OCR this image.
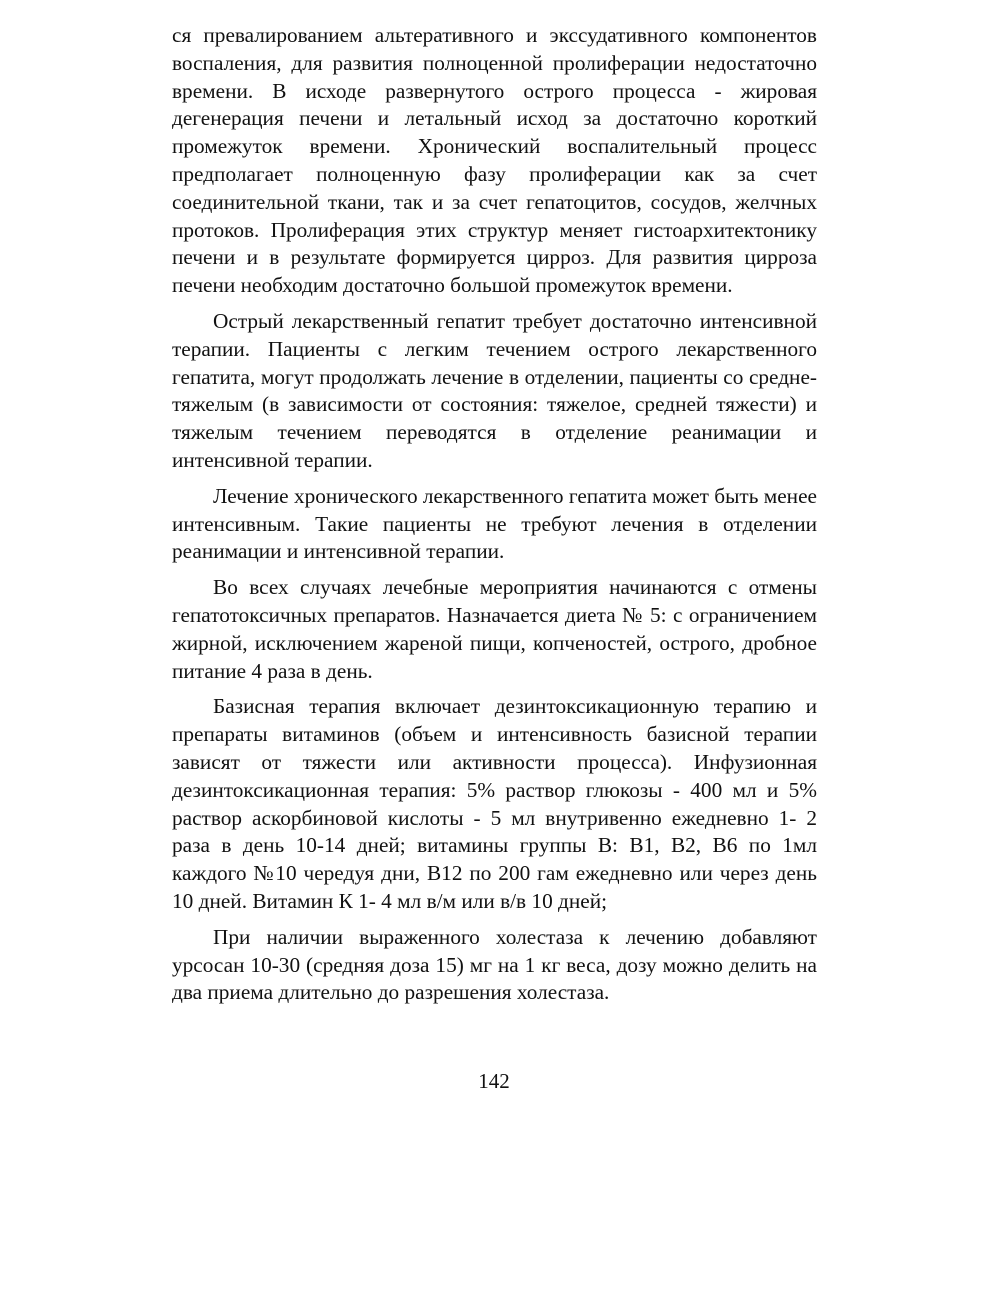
ся превалированием альтеративного и экссудативного компонентов воспаления, для развития полноценной пролиферации недостаточно времени. В исходе развернутого острого процесса - жировая дегенерация печени и летальный исход за достаточно короткий промежуток времени. Хронический воспалительный процесс предполагает полноценную фазу пролиферации как за счет соединительной ткани, так и за счет гепатоцитов, сосудов, желчных протоков. Пролиферация этих структур меняет гистоархитектонику печени и в результате формируется цирроз. Для развития цирроза печени необходим достаточно большой промежуток времени.

Острый лекарственный гепатит требует достаточно интенсивной терапии. Пациенты с легким течением острого лекарственного гепатита, могут продолжать лечение в отделении, пациенты со средне-тяжелым (в зависимости от состояния: тяжелое, средней тяжести) и тяжелым течением переводятся в отделение реанимации и интенсивной терапии.

Лечение хронического лекарственного гепатита может быть менее интенсивным. Такие пациенты не требуют лечения в отделении реанимации и интенсивной терапии.

Во всех случаях лечебные мероприятия начинаются с отмены гепатотоксичных препаратов. Назначается диета № 5: с ограничением жирной, исключением жареной пищи, копченостей, острого, дробное питание 4 раза в день.

Базисная терапия включает дезинтоксикационную терапию и препараты витаминов (объем и интенсивность базисной терапии зависят от тяжести или активности процесса). Инфузионная дезинтоксикационная терапия: 5% раствор глюкозы - 400 мл и 5% раствор аскорбиновой кислоты - 5 мл внутривенно ежедневно 1- 2 раза в день 10-14 дней; витамины группы В: В1, В2, В6 по 1мл каждого №10 чередуя дни, В12 по 200 гам ежедневно или через день 10 дней. Витамин К 1- 4 мл в/м или в/в 10 дней;

При наличии выраженного холестаза к лечению добавляют урсосан 10-30 (средняя доза 15) мг на 1 кг веса, дозу можно делить на два приема длительно до разрешения холестаза.

142
